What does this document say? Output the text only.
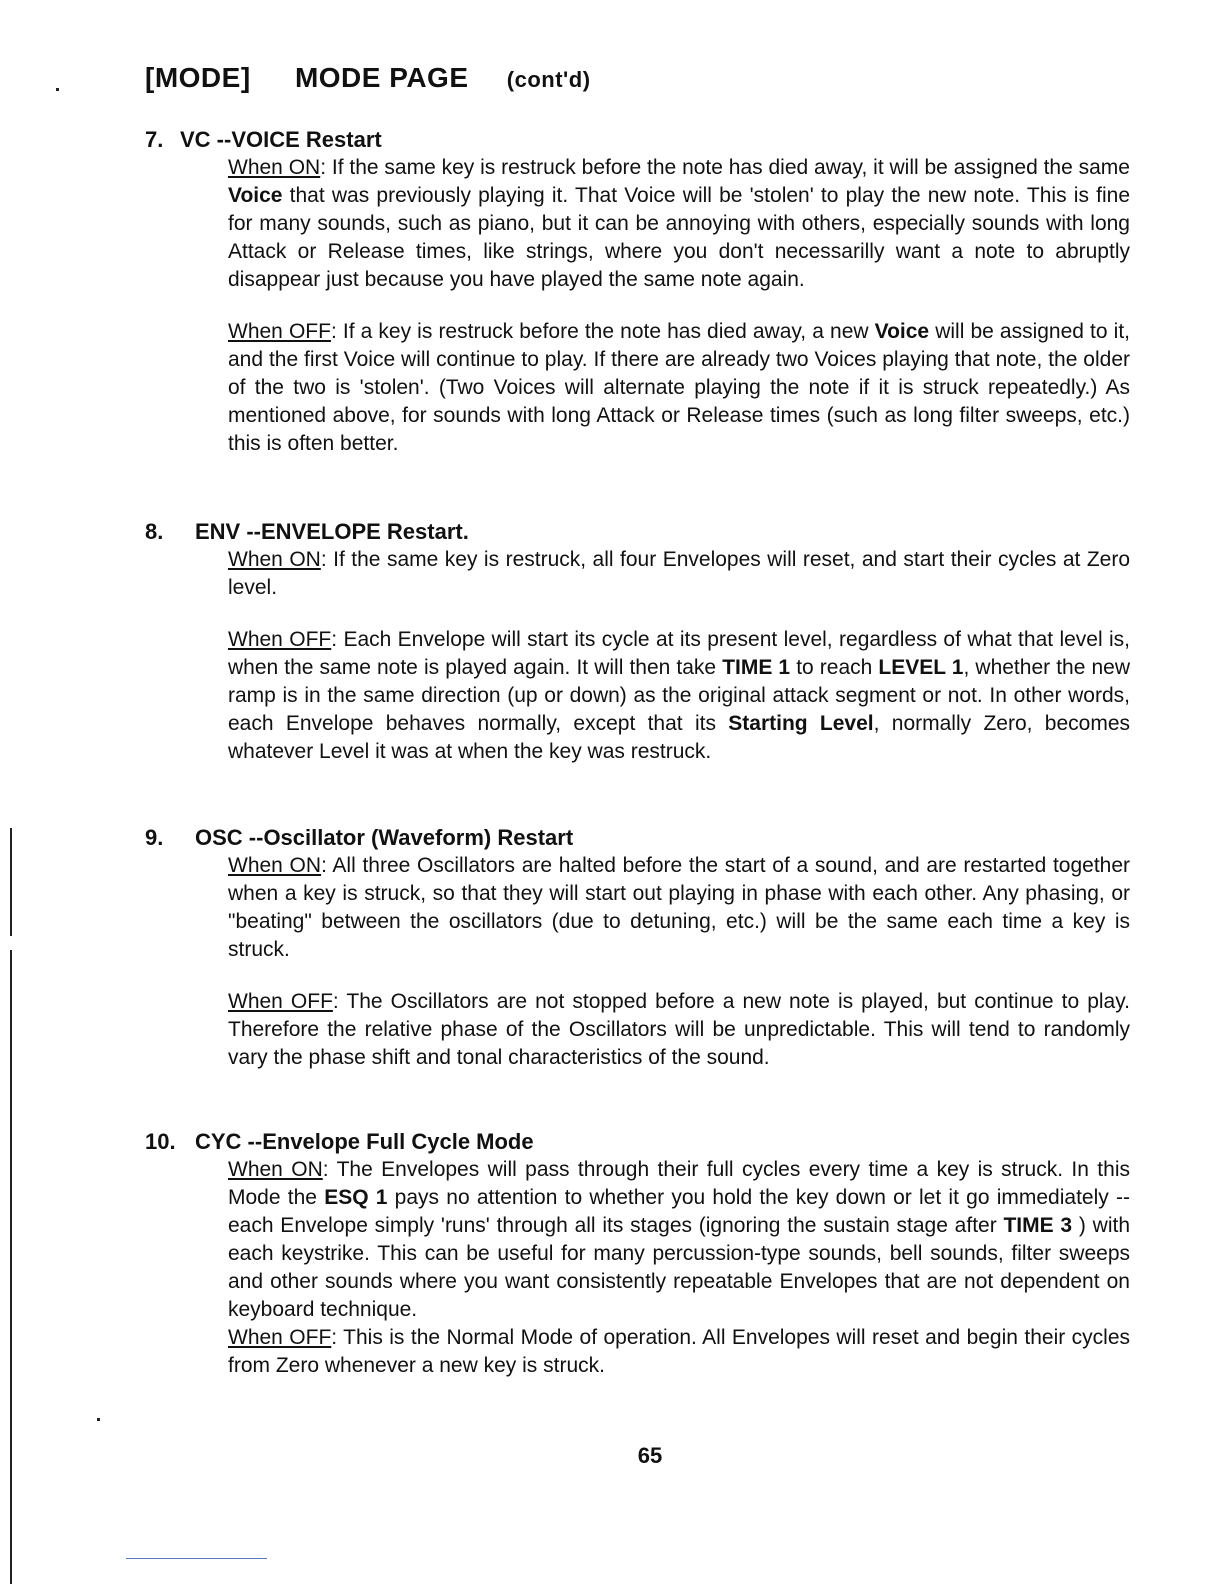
[MODE] MODE PAGE (cont'd)
7. VC --VOICE Restart
When ON: If the same key is restruck before the note has died away, it will be assigned the same Voice that was previously playing it. That Voice will be 'stolen' to play the new note. This is fine for many sounds, such as piano, but it can be annoying with others, especially sounds with long Attack or Release times, like strings, where you don't necessarilly want a note to abruptly disappear just because you have played the same note again.
When OFF: If a key is restruck before the note has died away, a new Voice will be assigned to it, and the first Voice will continue to play. If there are already two Voices playing that note, the older of the two is 'stolen'. (Two Voices will alternate playing the note if it is struck repeatedly.) As mentioned above, for sounds with long Attack or Release times (such as long filter sweeps, etc.) this is often better.
8. ENV --ENVELOPE Restart.
When ON: If the same key is restruck, all four Envelopes will reset, and start their cycles at Zero level.
When OFF: Each Envelope will start its cycle at its present level, regardless of what that level is, when the same note is played again. It will then take TIME 1 to reach LEVEL 1, whether the new ramp is in the same direction (up or down) as the original attack segment or not. In other words, each Envelope behaves normally, except that its Starting Level, normally Zero, becomes whatever Level it was at when the key was restruck.
9. OSC --Oscillator (Waveform) Restart
When ON: All three Oscillators are halted before the start of a sound, and are restarted together when a key is struck, so that they will start out playing in phase with each other. Any phasing, or "beating" between the oscillators (due to detuning, etc.) will be the same each time a key is struck.
When OFF: The Oscillators are not stopped before a new note is played, but continue to play. Therefore the relative phase of the Oscillators will be unpredictable. This will tend to randomly vary the phase shift and tonal characteristics of the sound.
10. CYC --Envelope Full Cycle Mode
When ON: The Envelopes will pass through their full cycles every time a key is struck. In this Mode the ESQ 1 pays no attention to whether you hold the key down or let it go immediately -- each Envelope simply 'runs' through all its stages (ignoring the sustain stage after TIME 3 ) with each keystrike. This can be useful for many percussion-type sounds, bell sounds, filter sweeps and other sounds where you want consistently repeatable Envelopes that are not dependent on keyboard technique.
When OFF: This is the Normal Mode of operation. All Envelopes will reset and begin their cycles from Zero whenever a new key is struck.
65
